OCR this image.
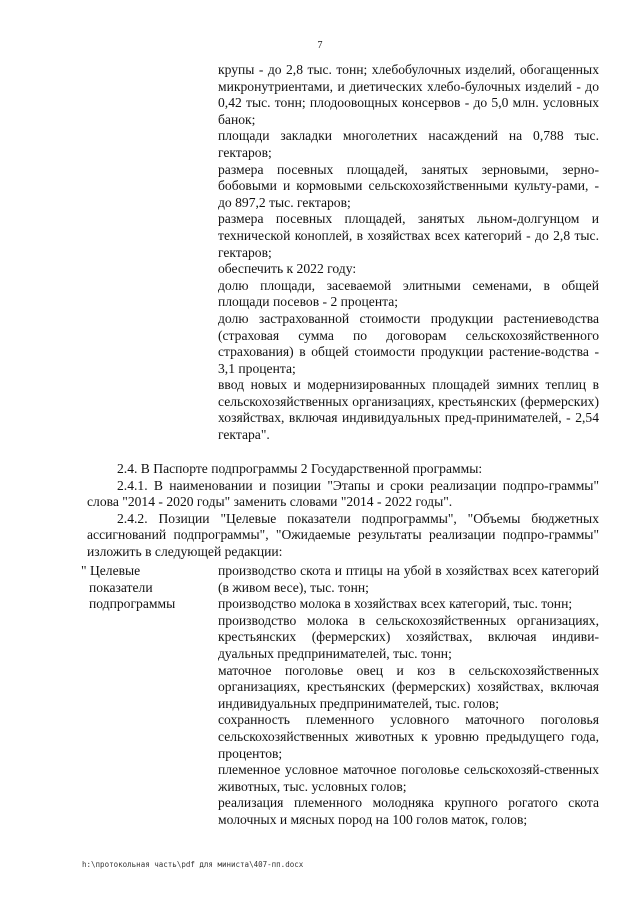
7

крупы - до 2,8 тыс. тонн; хлебобулочных изделий, обогащенных микронутриентами, и диетических хлебо-булочных изделий - до 0,42 тыс. тонн; плодоовощных консервов - до 5,0 млн. условных банок;

площади закладки многолетних насаждений на 0,788 тыс. гектаров;

размера посевных площадей, занятых зерновыми, зерно-бобовыми и кормовыми сельскохозяйственными культу-рами, - до 897,2 тыс. гектаров;

размера посевных площадей, занятых льном-долгунцом и технической коноплей, в хозяйствах всех категорий - до 2,8 тыс. гектаров;

обеспечить к 2022 году:

долю площади, засеваемой элитными семенами, в общей площади посевов - 2 процента;

долю застрахованной стоимости продукции растениеводства (страховая сумма по договорам сельскохозяйственного страхования) в общей стоимости продукции растение-водства - 3,1 процента;

ввод новых и модернизированных площадей зимних теплиц в сельскохозяйственных организациях, крестьянских (фермерских) хозяйствах, включая индивидуальных пред-принимателей, - 2,54 гектара".

2.4. В Паспорте подпрограммы 2 Государственной программы:

2.4.1. В наименовании и позиции "Этапы и сроки реализации подпро-граммы" слова "2014 - 2020 годы" заменить словами "2014 - 2022 годы".

2.4.2. Позиции "Целевые показатели подпрограммы", "Объемы бюджетных ассигнований подпрограммы", "Ожидаемые результаты реализации подпро-граммы" изложить в следующей редакции:

" Целевые
показатели
подпрограммы

производство скота и птицы на убой в хозяйствах всех категорий (в живом весе), тыс. тонн;

производство молока в хозяйствах всех категорий, тыс. тонн;

производство молока в сельскохозяйственных организациях, крестьянских (фермерских) хозяйствах, включая индиви-дуальных предпринимателей, тыс. тонн;

маточное поголовье овец и коз в сельскохозяйственных организациях, крестьянских (фермерских) хозяйствах, включая индивидуальных предпринимателей, тыс. голов;

сохранность племенного условного маточного поголовья сельскохозяйственных животных к уровню предыдущего года, процентов;

племенное условное маточное поголовье сельскохозяй-ственных животных, тыс. условных голов;

реализация племенного молодняка крупного рогатого скота молочных и мясных пород на 100 голов маток, голов;

h:\протокольная часть\pdf для министа\407-пп.docx
